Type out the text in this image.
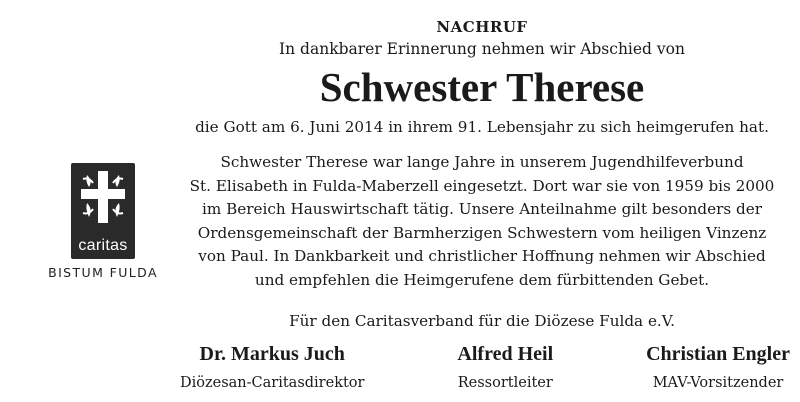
caritas
BISTUM FULDA
NACHRUF
In dankbarer Erinnerung nehmen wir Abschied von
Schwester Therese
die Gott am 6. Juni 2014 in ihrem 91. Lebensjahr zu sich heimgerufen hat.
Schwester Therese war lange Jahre in unserem Jugendhilfeverbund
St. Elisabeth in Fulda-Maberzell eingesetzt. Dort war sie von 1959 bis 2000
im Bereich Hauswirtschaft tätig. Unsere Anteilnahme gilt besonders der
Ordensgemeinschaft der Barmherzigen Schwestern vom heiligen Vinzenz
von Paul. In Dankbarkeit und christlicher Hoffnung nehmen wir Abschied
und empfehlen die Heimgerufene dem fürbittenden Gebet.
Für den Caritasverband für die Diözese Fulda e.V.
Dr. Markus Juch
Diözesan-Caritasdirektor
Alfred Heil
Ressortleiter
Christian Engler
MAV-Vorsitzender
